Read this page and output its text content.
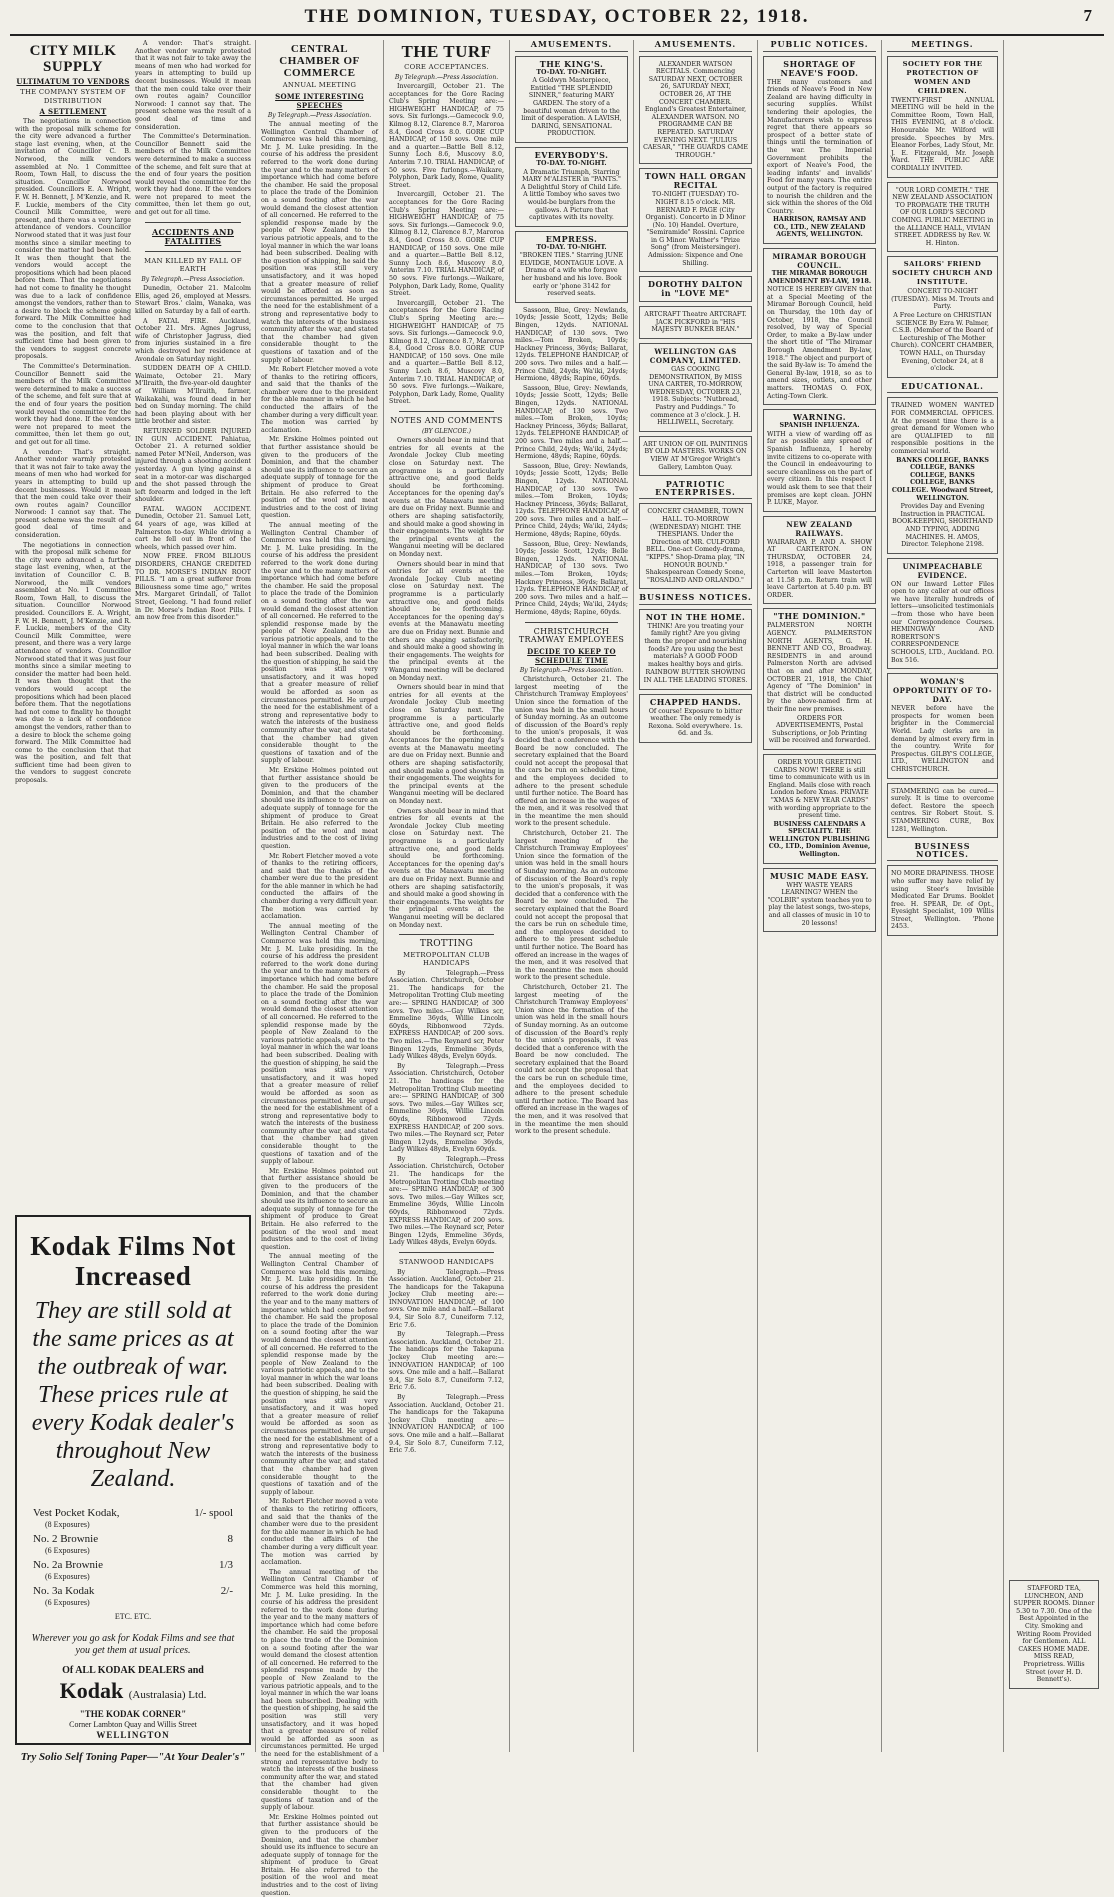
THE DOMINION, TUESDAY, OCTOBER 22, 1918.	7
CITY MILK SUPPLY
ULTIMATUM TO VENDORS
THE COMPANY SYSTEM OF DISTRIBUTION
A SETTLEMENT

The negotiations in connection with the proposal milk scheme for the city were advanced a further stage last evening, when, at the invitation of Councillor C. B. Norwood, the milk vendors assembled at No. 1 Committee Room, Town Hall, to discuss the situation. Councillor Norwood presided. Councillors E. A. Wright, F. W. H. Bennett, J. M'Kenzie, and R. F. Luckie, members of the City Council Milk Committee, were present, and there was a very large attendance of vendors. Councillor Norwood stated that it was just four months since a similar meeting to consider the matter had been held. It was then thought that the vendors would accept the propositions which had been placed before them. That the negotiations had not come to finality he thought was due to a lack of confidence amongst the vendors, rather than to a desire to block the scheme going forward. The Milk Committee had come to the conclusion that that was the position, and felt that sufficient time had been given to the vendors to suggest concrete proposals.

The Committee's Determination. Councillor Bennett said the members of the Milk Committee were determined to make a success of the scheme, and felt sure that at the end of four years the position would reveal the committee for the work they had done. If the vendors were not prepared to meet the committee, then let them go out, and get out for all time.

A vendor: That's straight. Another vendor warmly protested that it was not fair to take away the means of men who had worked for years in attempting to build up decent businesses. Would it mean that the men could take over their own routes again? Councillor Norwood: I cannot say that. The present scheme was the result of a good deal of time and consideration.

The negotiations in connection with the proposal milk scheme for the city were advanced a further stage last evening, when, at the invitation of Councillor C. B. Norwood, the milk vendors assembled at No. 1 Committee Room, Town Hall, to discuss the situation. Councillor Norwood presided. Councillors E. A. Wright, F. W. H. Bennett, J. M'Kenzie, and R. F. Luckie, members of the City Council Milk Committee, were present, and there was a very large attendance of vendors. Councillor Norwood stated that it was just four months since a similar meeting to consider the matter had been held. It was then thought that the vendors would accept the propositions which had been placed before them. That the negotiations had not come to finality he thought was due to a lack of confidence amongst the vendors, rather than to a desire to block the scheme going forward. The Milk Committee had come to the conclusion that that was the position, and felt that sufficient time had been given to the vendors to suggest concrete proposals.

A vendor: That's straight. Another vendor warmly protested that it was not fair to take away the means of men who had worked for years in attempting to build up decent businesses. Would it mean that the men could take over their own routes again? Councillor Norwood: I cannot say that. The present scheme was the result of a good deal of time and consideration.

The Committee's Determination. Councillor Bennett said the members of the Milk Committee were determined to make a success of the scheme, and felt sure that at the end of four years the position would reveal the committee for the work they had done. If the vendors were not prepared to meet the committee, then let them go out, and get out for all time.

ACCIDENTS AND FATALITIES
MAN KILLED BY FALL OF EARTH
By Telegraph.—Press Association.

Dunedin, October 21. Malcolm Ellis, aged 26, employed at Messrs. Stewart Bros.' claim, Wanaka, was killed on Saturday by a fall of earth.

A FATAL FIRE. Auckland, October 21. Mrs. Agnes Jagruss, wife of Christopher Jagruss, died from injuries sustained in a fire which destroyed her residence at Avondale on Saturday night.

SUDDEN DEATH OF A CHILD. Waimate, October 21. Mary M'Ilraith, the five-year-old daughter of William M'Ilraith, farmer, Waikakahi, was found dead in her bed on Sunday morning. The child had been playing about with her little brother and sister.

RETURNED SOLDIER INJURED IN GUN ACCIDENT. Pahiatua, October 21. A returned soldier named Peter M'Neil, Anderson, was injured through a shooting accident yesterday. A gun lying against a seat in a motor-car was discharged and the shot passed through the left forearm and lodged in the left shoulder.

FATAL WAGON ACCIDENT. Dunedin, October 21. Samuel Lett, 64 years of age, was killed at Palmerston to-day. While driving a cart he fell out in front of the wheels, which passed over him.

NOW FREE. FROM BILIOUS DISORDERS, CHANGE CREDITED TO DR. MORSE'S INDIAN ROOT PILLS. "I am a great sufferer from Biliousness some time ago," writes Mrs. Margaret Grindall, of Tallot Street, Geelong. "I had found relief in Dr. Morse's Indian Root Pills. I am now free from this disorder."

Kodak Films Not Increased
They are still sold at the same prices as at the outbreak of war. These prices rule at every Kodak dealer's throughout New Zealand.
Vest Pocket Kodak,	1/- spool
(8 Exposures)
No. 2 Brownie	8
(6 Exposures)
No. 2a Brownie	1/3
(6 Exposures)
No. 3a Kodak	2/-
(6 Exposures)
ETC. ETC.
Wherever you go ask for Kodak Films and see that you get them at usual prices.
Of ALL KODAK DEALERS and
Kodak (Australasia) Ltd.
"THE KODAK CORNER"
Corner Lambton Quay and Willis Street
WELLINGTON
Try Solio Self Toning Paper—"At Your Dealer's"
CENTRAL CHAMBER OF COMMERCE
ANNUAL MEETING
SOME INTERESTING SPEECHES
By Telegraph.—Press Association.

The annual meeting of the Wellington Central Chamber of Commerce was held this morning, Mr. J. M. Luke presiding. In the course of his address the president referred to the work done during the year and to the many matters of importance which had come before the chamber. He said the proposal to place the trade of the Dominion on a sound footing after the war would demand the closest attention of all concerned. He referred to the splendid response made by the people of New Zealand to the various patriotic appeals, and to the loyal manner in which the war loans had been subscribed. Dealing with the question of shipping, he said the position was still very unsatisfactory, and it was hoped that a greater measure of relief would be afforded as soon as circumstances permitted. He urged the need for the establishment of a strong and representative body to watch the interests of the business community after the war, and stated that the chamber had given considerable thought to the questions of taxation and of the supply of labour.

Mr. Robert Fletcher moved a vote of thanks to the retiring officers, and said that the thanks of the chamber were due to the president for the able manner in which he had conducted the affairs of the chamber during a very difficult year. The motion was carried by acclamation.

Mr. Erskine Holmes pointed out that further assistance should be given to the producers of the Dominion, and that the chamber should use its influence to secure an adequate supply of tonnage for the shipment of produce to Great Britain. He also referred to the position of the wool and meat industries and to the cost of living question.

The annual meeting of the Wellington Central Chamber of Commerce was held this morning, Mr. J. M. Luke presiding. In the course of his address the president referred to the work done during the year and to the many matters of importance which had come before the chamber. He said the proposal to place the trade of the Dominion on a sound footing after the war would demand the closest attention of all concerned. He referred to the splendid response made by the people of New Zealand to the various patriotic appeals, and to the loyal manner in which the war loans had been subscribed. Dealing with the question of shipping, he said the position was still very unsatisfactory, and it was hoped that a greater measure of relief would be afforded as soon as circumstances permitted. He urged the need for the establishment of a strong and representative body to watch the interests of the business community after the war, and stated that the chamber had given considerable thought to the questions of taxation and of the supply of labour.

Mr. Erskine Holmes pointed out that further assistance should be given to the producers of the Dominion, and that the chamber should use its influence to secure an adequate supply of tonnage for the shipment of produce to Great Britain. He also referred to the position of the wool and meat industries and to the cost of living question.

Mr. Robert Fletcher moved a vote of thanks to the retiring officers, and said that the thanks of the chamber were due to the president for the able manner in which he had conducted the affairs of the chamber during a very difficult year. The motion was carried by acclamation.

The annual meeting of the Wellington Central Chamber of Commerce was held this morning, Mr. J. M. Luke presiding. In the course of his address the president referred to the work done during the year and to the many matters of importance which had come before the chamber. He said the proposal to place the trade of the Dominion on a sound footing after the war would demand the closest attention of all concerned. He referred to the splendid response made by the people of New Zealand to the various patriotic appeals, and to the loyal manner in which the war loans had been subscribed. Dealing with the question of shipping, he said the position was still very unsatisfactory, and it was hoped that a greater measure of relief would be afforded as soon as circumstances permitted. He urged the need for the establishment of a strong and representative body to watch the interests of the business community after the war, and stated that the chamber had given considerable thought to the questions of taxation and of the supply of labour.

Mr. Erskine Holmes pointed out that further assistance should be given to the producers of the Dominion, and that the chamber should use its influence to secure an adequate supply of tonnage for the shipment of produce to Great Britain. He also referred to the position of the wool and meat industries and to the cost of living question.

The annual meeting of the Wellington Central Chamber of Commerce was held this morning, Mr. J. M. Luke presiding. In the course of his address the president referred to the work done during the year and to the many matters of importance which had come before the chamber. He said the proposal to place the trade of the Dominion on a sound footing after the war would demand the closest attention of all concerned. He referred to the splendid response made by the people of New Zealand to the various patriotic appeals, and to the loyal manner in which the war loans had been subscribed. Dealing with the question of shipping, he said the position was still very unsatisfactory, and it was hoped that a greater measure of relief would be afforded as soon as circumstances permitted. He urged the need for the establishment of a strong and representative body to watch the interests of the business community after the war, and stated that the chamber had given considerable thought to the questions of taxation and of the supply of labour.

Mr. Robert Fletcher moved a vote of thanks to the retiring officers, and said that the thanks of the chamber were due to the president for the able manner in which he had conducted the affairs of the chamber during a very difficult year. The motion was carried by acclamation.

The annual meeting of the Wellington Central Chamber of Commerce was held this morning, Mr. J. M. Luke presiding. In the course of his address the president referred to the work done during the year and to the many matters of importance which had come before the chamber. He said the proposal to place the trade of the Dominion on a sound footing after the war would demand the closest attention of all concerned. He referred to the splendid response made by the people of New Zealand to the various patriotic appeals, and to the loyal manner in which the war loans had been subscribed. Dealing with the question of shipping, he said the position was still very unsatisfactory, and it was hoped that a greater measure of relief would be afforded as soon as circumstances permitted. He urged the need for the establishment of a strong and representative body to watch the interests of the business community after the war, and stated that the chamber had given considerable thought to the questions of taxation and of the supply of labour.

Mr. Erskine Holmes pointed out that further assistance should be given to the producers of the Dominion, and that the chamber should use its influence to secure an adequate supply of tonnage for the shipment of produce to Great Britain. He also referred to the position of the wool and meat industries and to the cost of living question.

THE TURF
CORE ACCEPTANCES.
By Telegraph.—Press Association.

Invercargill, October 21. The acceptances for the Gore Racing Club's Spring Meeting are:— HIGHWEIGHT HANDICAP, of 75 sovs. Six furlongs.—Gamecock 9.0, Kilmog 8.12, Clarence 8.7, Maroroa 8.4, Good Cross 8.0. GORE CUP HANDICAP, of 150 sovs. One mile and a quarter.—Battle Bell 8.12, Sunny Loch 8.6, Muscovy 8.0, Anterim 7.10. TRIAL HANDICAP, of 50 sovs. Five furlongs.—Waikare, Polyphon, Dark Lady, Rome, Quality Street.

Invercargill, October 21. The acceptances for the Gore Racing Club's Spring Meeting are:— HIGHWEIGHT HANDICAP, of 75 sovs. Six furlongs.—Gamecock 9.0, Kilmog 8.12, Clarence 8.7, Maroroa 8.4, Good Cross 8.0. GORE CUP HANDICAP, of 150 sovs. One mile and a quarter.—Battle Bell 8.12, Sunny Loch 8.6, Muscovy 8.0, Anterim 7.10. TRIAL HANDICAP, of 50 sovs. Five furlongs.—Waikare, Polyphon, Dark Lady, Rome, Quality Street.

Invercargill, October 21. The acceptances for the Gore Racing Club's Spring Meeting are:— HIGHWEIGHT HANDICAP, of 75 sovs. Six furlongs.—Gamecock 9.0, Kilmog 8.12, Clarence 8.7, Maroroa 8.4, Good Cross 8.0. GORE CUP HANDICAP, of 150 sovs. One mile and a quarter.—Battle Bell 8.12, Sunny Loch 8.6, Muscovy 8.0, Anterim 7.10. TRIAL HANDICAP, of 50 sovs. Five furlongs.—Waikare, Polyphon, Dark Lady, Rome, Quality Street.

NOTES AND COMMENTS
(BY GLENCOE.)

Owners should bear in mind that entries for all events at the Avondale Jockey Club meeting close on Saturday next. The programme is a particularly attractive one, and good fields should be forthcoming. Acceptances for the opening day's events at the Manawatu meeting are due on Friday next. Bunnie and others are shaping satisfactorily, and should make a good showing in their engagements. The weights for the principal events at the Wanganui meeting will be declared on Monday next.

Owners should bear in mind that entries for all events at the Avondale Jockey Club meeting close on Saturday next. The programme is a particularly attractive one, and good fields should be forthcoming. Acceptances for the opening day's events at the Manawatu meeting are due on Friday next. Bunnie and others are shaping satisfactorily, and should make a good showing in their engagements. The weights for the principal events at the Wanganui meeting will be declared on Monday next.

Owners should bear in mind that entries for all events at the Avondale Jockey Club meeting close on Saturday next. The programme is a particularly attractive one, and good fields should be forthcoming. Acceptances for the opening day's events at the Manawatu meeting are due on Friday next. Bunnie and others are shaping satisfactorily, and should make a good showing in their engagements. The weights for the principal events at the Wanganui meeting will be declared on Monday next.

Owners should bear in mind that entries for all events at the Avondale Jockey Club meeting close on Saturday next. The programme is a particularly attractive one, and good fields should be forthcoming. Acceptances for the opening day's events at the Manawatu meeting are due on Friday next. Bunnie and others are shaping satisfactorily, and should make a good showing in their engagements. The weights for the principal events at the Wanganui meeting will be declared on Monday next.

TROTTING
METROPOLITAN CLUB HANDICAPS

By Telegraph.—Press Association. Christchurch, October 21. The handicaps for the Metropolitan Trotting Club meeting are:— SPRING HANDICAP, of 300 sovs. Two miles.—Gay Wilkes scr, Emmeline 36yds, Willie Lincoln 60yds, Ribbonwood 72yds. EXPRESS HANDICAP, of 200 sovs. Two miles.—The Reynard scr, Peter Bingen 12yds, Emmeline 36yds, Lady Wilkes 48yds, Evelyn 60yds.

By Telegraph.—Press Association. Christchurch, October 21. The handicaps for the Metropolitan Trotting Club meeting are:— SPRING HANDICAP, of 300 sovs. Two miles.—Gay Wilkes scr, Emmeline 36yds, Willie Lincoln 60yds, Ribbonwood 72yds. EXPRESS HANDICAP, of 200 sovs. Two miles.—The Reynard scr, Peter Bingen 12yds, Emmeline 36yds, Lady Wilkes 48yds, Evelyn 60yds.

By Telegraph.—Press Association. Christchurch, October 21. The handicaps for the Metropolitan Trotting Club meeting are:— SPRING HANDICAP, of 300 sovs. Two miles.—Gay Wilkes scr, Emmeline 36yds, Willie Lincoln 60yds, Ribbonwood 72yds. EXPRESS HANDICAP, of 200 sovs. Two miles.—The Reynard scr, Peter Bingen 12yds, Emmeline 36yds, Lady Wilkes 48yds, Evelyn 60yds.

STANWOOD HANDICAPS

By Telegraph.—Press Association. Auckland, October 21. The handicaps for the Takapuna Jockey Club meeting are:— INNOVATION HANDICAP, of 100 sovs. One mile and a half.—Ballarat 9.4, Sir Solo 8.7, Cuneiform 7.12, Eric 7.6.

By Telegraph.—Press Association. Auckland, October 21. The handicaps for the Takapuna Jockey Club meeting are:— INNOVATION HANDICAP, of 100 sovs. One mile and a half.—Ballarat 9.4, Sir Solo 8.7, Cuneiform 7.12, Eric 7.6.

By Telegraph.—Press Association. Auckland, October 21. The handicaps for the Takapuna Jockey Club meeting are:— INNOVATION HANDICAP, of 100 sovs. One mile and a half.—Ballarat 9.4, Sir Solo 8.7, Cuneiform 7.12, Eric 7.6.

AMUSEMENTS.
THE KING'S.
TO-DAY. TO-NIGHT.

A Goldwyn Masterpiece, Entitled "THE SPLENDID SINNER," featuring MARY GARDEN. The story of a beautiful woman driven to the limit of desperation. A LAVISH, DARING, SENSATIONAL PRODUCTION.

EVERYBODY'S.
TO-DAY. TO-NIGHT.

A Dramatic Triumph, Starring MARY M'ALISTER in "PANTS." A Delightful Story of Child Life. A little Tomboy who saves two would-be burglars from the gallows. A Picture that captivates with its novelty.

EMPRESS.
TO-DAY. TO-NIGHT.

"BROKEN TIES." Starring JUNE ELVIDGE, MONTAGUE LOVE. A Drama of a wife who forgave her husband and his love. Book early or 'phone 3142 for reserved seats.

Sassoon, Blue, Grey: Newlands, 10yds; Jessie Scott, 12yds; Belle Bingen, 12yds. NATIONAL HANDICAP, of 130 sovs. Two miles.—Tom Broken, 10yds; Hackney Princess, 36yds; Ballarat, 12yds. TELEPHONE HANDICAP, of 200 sovs. Two miles and a half.—Prince Child, 24yds; Wa'iki, 24yds; Hermione, 48yds; Rapine, 60yds.

Sassoon, Blue, Grey: Newlands, 10yds; Jessie Scott, 12yds; Belle Bingen, 12yds. NATIONAL HANDICAP, of 130 sovs. Two miles.—Tom Broken, 10yds; Hackney Princess, 36yds; Ballarat, 12yds. TELEPHONE HANDICAP, of 200 sovs. Two miles and a half.—Prince Child, 24yds; Wa'iki, 24yds; Hermione, 48yds; Rapine, 60yds.

Sassoon, Blue, Grey: Newlands, 10yds; Jessie Scott, 12yds; Belle Bingen, 12yds. NATIONAL HANDICAP, of 130 sovs. Two miles.—Tom Broken, 10yds; Hackney Princess, 36yds; Ballarat, 12yds. TELEPHONE HANDICAP, of 200 sovs. Two miles and a half.—Prince Child, 24yds; Wa'iki, 24yds; Hermione, 48yds; Rapine, 60yds.

Sassoon, Blue, Grey: Newlands, 10yds; Jessie Scott, 12yds; Belle Bingen, 12yds. NATIONAL HANDICAP, of 130 sovs. Two miles.—Tom Broken, 10yds; Hackney Princess, 36yds; Ballarat, 12yds. TELEPHONE HANDICAP, of 200 sovs. Two miles and a half.—Prince Child, 24yds; Wa'iki, 24yds; Hermione, 48yds; Rapine, 60yds.

CHRISTCHURCH TRAMWAY EMPLOYEES
DECIDE TO KEEP TO SCHEDULE TIME
By Telegraph.—Press Association.

Christchurch, October 21. The largest meeting of the Christchurch Tramway Employees' Union since the formation of the union was held in the small hours of Sunday morning. As an outcome of discussion of the Board's reply to the union's proposals, it was decided that a conference with the Board be now concluded. The secretary explained that the Board could not accept the proposal that the cars be run on schedule time, and the employees decided to adhere to the present schedule until further notice. The Board has offered an increase in the wages of the men, and it was resolved that in the meantime the men should work to the present schedule.

Christchurch, October 21. The largest meeting of the Christchurch Tramway Employees' Union since the formation of the union was held in the small hours of Sunday morning. As an outcome of discussion of the Board's reply to the union's proposals, it was decided that a conference with the Board be now concluded. The secretary explained that the Board could not accept the proposal that the cars be run on schedule time, and the employees decided to adhere to the present schedule until further notice. The Board has offered an increase in the wages of the men, and it was resolved that in the meantime the men should work to the present schedule.

Christchurch, October 21. The largest meeting of the Christchurch Tramway Employees' Union since the formation of the union was held in the small hours of Sunday morning. As an outcome of discussion of the Board's reply to the union's proposals, it was decided that a conference with the Board be now concluded. The secretary explained that the Board could not accept the proposal that the cars be run on schedule time, and the employees decided to adhere to the present schedule until further notice. The Board has offered an increase in the wages of the men, and it was resolved that in the meantime the men should work to the present schedule.

AMUSEMENTS.

ALEXANDER WATSON RECITALS. Commencing SATURDAY NEXT, OCTOBER 26, SATURDAY NEXT, OCTOBER 26, AT THE CONCERT CHAMBER. England's Greatest Entertainer, ALEXANDER WATSON. NO PROGRAMME CAN BE REPEATED. SATURDAY EVENING NEXT. "JULIUS CAESAR," "THE GUARDS CAME THROUGH."

TOWN HALL ORGAN RECITAL

TO-NIGHT (TUESDAY) TO-NIGHT 8.15 o'clock. MR. BERNARD F. PAGE (City Organist). Concerto in D Minor (No. 10) Handel. Overture, "Semiramide" Rossini. Caprice in G Minor. Walther's "Prize Song" (from Meistersinger). Admission: Sixpence and One Shilling.

DOROTHY DALTON in "LOVE ME"

ARTCRAFT Theatre ARTCRAFT. JACK PICKFORD in "HIS MAJESTY BUNKER BEAN."

WELLINGTON GAS COMPANY, LIMITED.

GAS COOKING DEMONSTRATION, By MISS UNA CARTER, TO-MORROW, WEDNESDAY, OCTOBER 23, 1918. Subjects: "Nutbread, Pastry and Puddings." To commence at 3 o'clock. J. H. HELLIWELL, Secretary.

ART UNION OF OIL PAINTINGS BY OLD MASTERS. WORKS ON VIEW AT M'Gregor Wright's Gallery, Lambton Quay.

PATRIOTIC ENTERPRISES.

CONCERT CHAMBER, TOWN HALL. TO-MORROW (WEDNESDAY) NIGHT. THE THESPIANS. Under the Direction of MR. CULFORD BELL. One-act Comedy-drama, "KIPPS." Shop-Drama play, "IN HONOUR BOUND." Shakespearean Comedy Scene, "ROSALIND AND ORLANDO."

BUSINESS NOTICES.
NOT IN THE HOME.

THINK! Are you treating your family right? Are you giving them the proper and nourishing foods? Are you using the best materials? A GOOD FOOD makes healthy boys and girls.

RAINBOW BUTTER SHOWING IN ALL THE LEADING STORES.

CHAPPED HANDS.

Of course! Exposure to bitter weather. The only remedy is Rexona. Sold everywhere. 1s. 6d. and 3s.

PUBLIC NOTICES.
SHORTAGE OF NEAVE'S FOOD.

THE many customers and friends of Neave's Food in New Zealand are having difficulty in securing supplies. Whilst tendering their apologies, the Manufacturers wish to express regret that there appears so prospect of a better state of things until the termination of the war. The Imperial Government prohibits the export of Neave's Food, the leading infants' and invalids' Food for many years. The entire output of the factory is required to nourish the children and the sick within the shores of the Old Country.

HARRISON, RAMSAY AND CO., LTD., NEW ZEALAND AGENTS, WELLINGTON.

MIRAMAR BOROUGH COUNCIL.
THE MIRAMAR BOROUGH AMENDMENT BY-LAW, 1918.

NOTICE IS HEREBY GIVEN that at a Special Meeting of the Miramar Borough Council, held on Thursday, the 10th day of October, 1918, the Council resolved, by way of Special Order, to make a By-law under the short title of "The Miramar Borough Amendment By-law, 1918." The object and purport of the said By-law is: To amend the General By-law, 1918, so as to amend sizes, outlets, and other matters. THOMAS O. FOX, Acting-Town Clerk.

WARNING.
SPANISH INFLUENZA.

WITH a view of warding off as far as possible any spread of Spanish Influenza, I hereby invite citizens to co-operate with the Council in endeavouring to secure cleanliness on the part of every citizen. In this respect I would ask them to see that their premises are kept clean. JOHN P. LUKE, Mayor.

NEW ZEALAND RAILWAYS.

WAIRARAPA P. AND A. SHOW AT CARTERTON. ON THURSDAY, OCTOBER 24, 1918, a passenger train for Carterton will leave Masterton at 11.58 p.m. Return train will leave Carterton at 5.40 p.m. BY ORDER.

"THE DOMINION."

PALMERSTON NORTH AGENCY. PALMERSTON NORTH AGENTS, G. H. BENNETT AND CO., Broadway. RESIDENTS in and around Palmerston North are advised that on and after MONDAY, OCTOBER 21, 1918, the Chief Agency of "The Dominion" in that district will be conducted by the above-named firm at their fine new premises.

ORDERS FOR ADVERTISEMENTS, Postal Subscriptions, or Job Printing will be received and forwarded.

ORDER YOUR GREETING CARDS NOW! THERE is still time to communicate with us in England. Mails close with reach London before Xmas. PRIVATE "XMAS & NEW YEAR CARDS" with wording appropriate to the present time.

BUSINESS CALENDARS A SPECIALITY. THE WELLINGTON PUBLISHING CO., LTD., Dominion Avenue, Wellington.

MUSIC MADE EASY.

WHY WASTE YEARS LEARNING? WHEN the "COLBIR" system teaches you to play the latest songs, two-steps, and all classes of music in 10 to 20 lessons!

MEETINGS.
SOCIETY FOR THE PROTECTION OF WOMEN AND CHILDREN.

TWENTY-FIRST ANNUAL MEETING will be held in the Committee Room, Town Hall, THIS EVENING, at 8 o'clock. Honourable Mr. Wilford will preside. Speeches by Mrs. Eleanor Forbes, Lady Stout, Mr. J. E. Fitzgerald, Mr. Joseph Ward. THE PUBLIC ARE CORDIALLY INVITED.

"OUR LORD COMETH." THE NEW ZEALAND ASSOCIATION TO PROPAGATE THE TRUTH OF OUR LORD'S SECOND COMING. PUBLIC MEETING in the ALLIANCE HALL, VIVIAN STREET. ADDRESS by Rev. W. H. Hinton.

SAILORS' FRIEND SOCIETY CHURCH AND INSTITUTE.

CONCERT TO-NIGHT (TUESDAY). Miss M. Trouts and Party.

A Free Lecture on CHRISTIAN SCIENCE By Ezra W. Palmer, C.S.B. (Member of the Board of Lectureship of The Mother Church). CONCERT CHAMBER, TOWN HALL, on Thursday Evening, October 24, at 8 o'clock.

EDUCATIONAL.

TRAINED WOMEN WANTED FOR COMMERCIAL OFFICES. At the present time there is a great demand for Women who are QUALIFIED to fill responsible positions in the commercial world.

BANKS COLLEGE, BANKS COLLEGE, BANKS COLLEGE, BANKS COLLEGE, BANKS COLLEGE. Woodward Street, WELLINGTON.

Provides Day and Evening Instruction in PRACTICAL BOOK-KEEPING, SHORTHAND AND TYPING, ADDING MACHINES. H. AMOS, Director. Telephone 2198.

UNIMPEACHABLE EVIDENCE.

ON our Inward Letter Files open to any caller at our offices we have literally hundreds of letters—unsolicited testimonials—from those who have been our Correspondence Courses. HEMINGWAY AND ROBERTSON'S CORRESPONDENCE SCHOOLS, LTD., Auckland. P.O. Box 516.

WOMAN'S OPPORTUNITY OF TO-DAY.

NEVER before have the prospects for women been brighter in the Commercial World. Lady clerks are in demand by almost every firm in the country. Write for Prospectus. GILBY'S COLLEGE, LTD., WELLINGTON and CHRISTCHURCH.

STAMMERING can be cured—surely. It is time to overcome defect. Restore the speech centres. Sir Robert Stout. S. STAMMERING CURE, Box 1281, Wellington.

BUSINESS NOTICES.

NO MORE DRAPINESS. THOSE who suffer may have relief by using Steer's Invisible Medicated Ear Drums. Booklet free. H. SPEAR, Dr. of Opt., Eyesight Specialist, 109 Willis Street, Wellington. 'Phone 2453.

STAFFORD TEA, LUNCHEON, AND SUPPER ROOMS. Dinner 5.30 to 7.30. One of the Best Appointed in the City. Smoking and Writing Room Provided for Gentlemen. ALL CAKES HOME MADE. MISS READ, Proprietress. Willis Street (over H. D. Bennett's).
